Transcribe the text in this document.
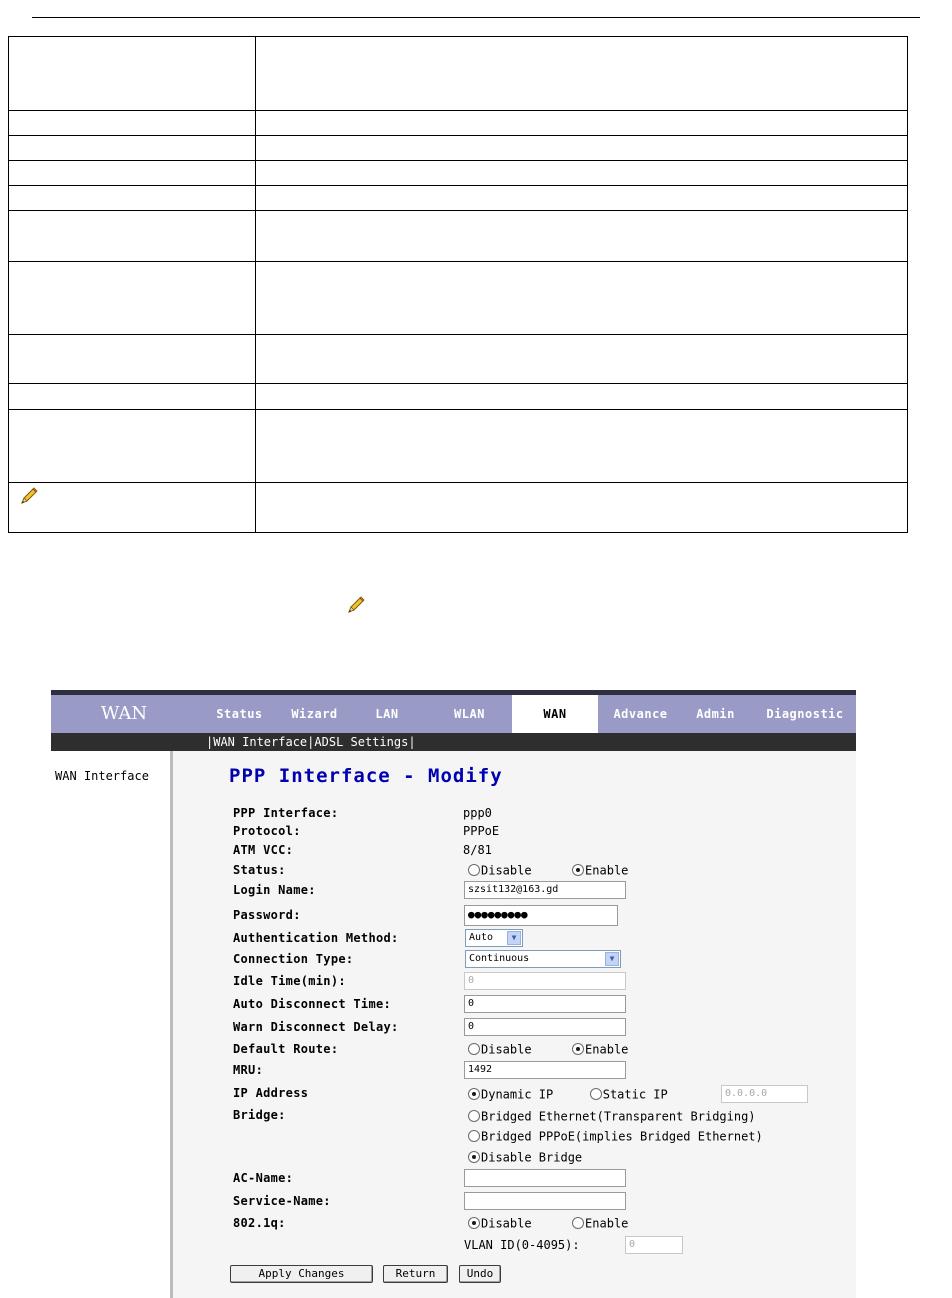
WAN	Status	Wizard	LAN	WLAN	WAN	Advance	Admin	Diagnostic
|WAN Interface|ADSL Settings|
WAN Interface	PPP Interface - Modify
PPP Interface:	ppp0
Protocol:	PPPoE
ATM VCC:	8/81
Status:	Disable	Enable
Login Name:	szsit132@163.gd
Password:	●●●●●●●●●
Authentication Method:	Auto	▼
Connection Type:	Continuous	▼
Idle Time(min):	0
Auto Disconnect Time:	0
Warn Disconnect Delay:	0
Default Route:	Disable	Enable
MRU:	1492
IP Address	Dynamic IP	Static IP	0.0.0.0
Bridge:	Bridged Ethernet(Transparent Bridging)
Bridged PPPoE(implies Bridged Ethernet)
Disable Bridge
AC-Name:
Service-Name:
802.1q:	Disable	Enable
VLAN ID(0-4095):	0
Apply Changes	Return	Undo
